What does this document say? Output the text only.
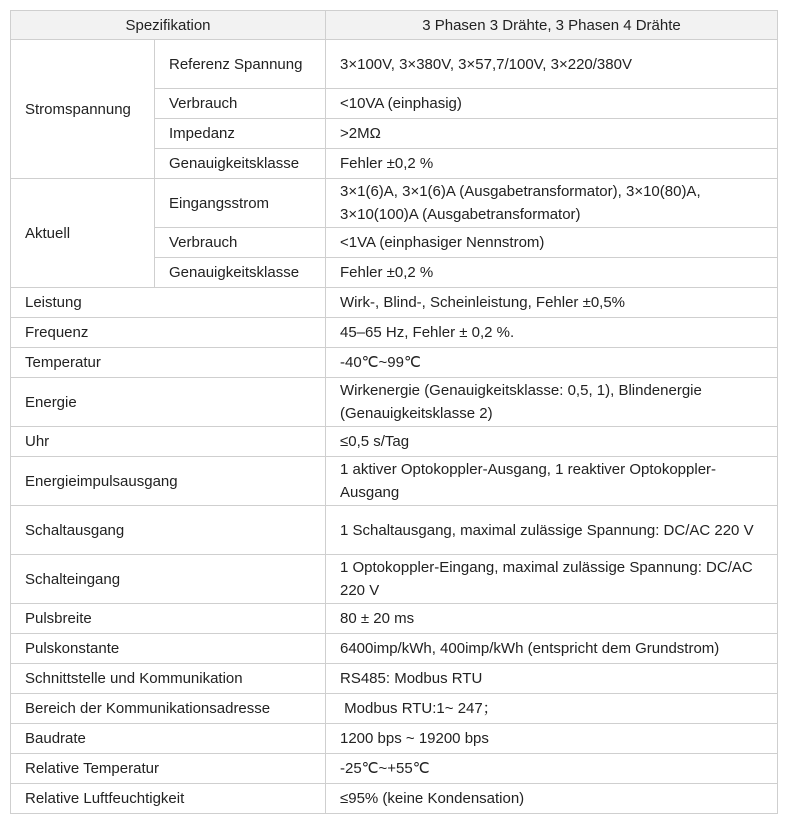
Spezifikation		3 Phasen 3 Drähte, 3 Phasen 4 Drähte
Stromspannung	Referenz Spannung	3×100V, 3×380V, 3×57,7/100V, 3×220/380V
	Verbrauch	<10VA (einphasig)
	Impedanz	>2MΩ
	Genauigkeitsklasse	Fehler ±0,2 %
Aktuell	Eingangsstrom	3×1(6)A, 3×1(6)A (Ausgabetransformator), 3×10(80)A, 3×10(100)A (Ausgabetransformator)
	Verbrauch	<1VA (einphasiger Nennstrom)
	Genauigkeitsklasse	Fehler ±0,2 %
Leistung		Wirk-, Blind-, Scheinleistung, Fehler ±0,5%
Frequenz		45–65 Hz, Fehler ± 0,2 %.
Temperatur		-40℃~99℃
Energie		Wirkenergie (Genauigkeitsklasse: 0,5, 1), Blindenergie (Genauigkeitsklasse 2)
Uhr		≤0,5 s/Tag
Energieimpulsausgang		1 aktiver Optokoppler-Ausgang, 1 reaktiver Optokoppler-Ausgang
Schaltausgang		1 Schaltausgang, maximal zulässige Spannung: DC/AC 220 V
Schalteingang		1 Optokoppler-Eingang, maximal zulässige Spannung: DC/AC 220 V
Pulsbreite		80 ± 20 ms
Pulskonstante		6400imp/kWh, 400imp/kWh (entspricht dem Grundstrom)
Schnittstelle und Kommunikation		RS485: Modbus RTU
Bereich der Kommunikationsadresse		Modbus RTU:1~ 247；
Baudrate		1200 bps ~ 19200 bps
Relative Temperatur		-25℃~+55℃
Relative Luftfeuchtigkeit		≤95% (keine Kondensation)
